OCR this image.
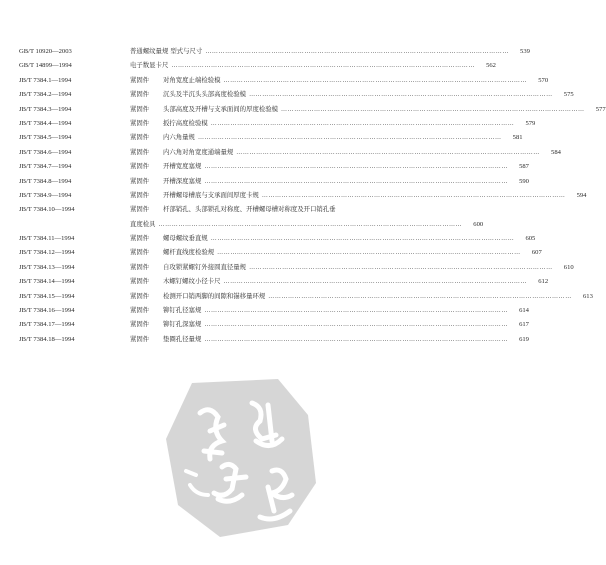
GB/T 10920—2003	普通螺纹量规 型式与尺寸 …………………………………………………………………………………………………………………………	539
GB/T 14899—1994	电子数显卡尺 …………………………………………………………………………………………………………………………	562
JB/T 7384.1—1994	紧固件	对角宽度止端检验模 …………………………………………………………………………………………………………………………	570
JB/T 7384.2—1994	紧固件	沉头及半沉头头部高度检验模 …………………………………………………………………………………………………………………………	575
JB/T 7384.3—1994	紧固件	头部高度及开槽与支承面间的厚度检验模 …………………………………………………………………………………………………………………………	577
JB/T 7384.4—1994	紧固件	扳拧高度检验模 …………………………………………………………………………………………………………………………	579
JB/T 7384.5—1994	紧固件	内六角量规 …………………………………………………………………………………………………………………………	581
JB/T 7384.6—1994	紧固件	内六角对角宽度通端量规 …………………………………………………………………………………………………………………………	584
JB/T 7384.7—1994	紧固件	开槽宽度塞规 …………………………………………………………………………………………………………………………	587
JB/T 7384.8—1994	紧固件	开槽深度塞规 …………………………………………………………………………………………………………………………	590
JB/T 7384.9—1994	紧固件	开槽螺母槽底与支承面间厚度卡规 …………………………………………………………………………………………………………………………	594
JB/T 7384.10—1994	紧固件	杆部销孔、头部锁孔对称度、开槽螺母槽对称度及开口销孔垂
直度检具 …………………………………………………………………………………………………………………………	600
JB/T 7384.11—1994	紧固件	螺母螺纹垂直规 …………………………………………………………………………………………………………………………	605
JB/T 7384.12—1994	紧固件	螺杆直线度检验规 …………………………………………………………………………………………………………………………	607
JB/T 7384.13—1994	紧固件	自攻锁紧螺钉外接圆直径量规 …………………………………………………………………………………………………………………………	610
JB/T 7384.14—1994	紧固件	木螺钉螺纹小径卡尺 …………………………………………………………………………………………………………………………	612
JB/T 7384.15—1994	紧固件	检测开口销两脚的间隙和锚移量环规 …………………………………………………………………………………………………………………………	613
JB/T 7384.16—1994	紧固件	铆钉孔径塞规 …………………………………………………………………………………………………………………………	614
JB/T 7384.17—1994	紧固件	铆钉孔深塞规 …………………………………………………………………………………………………………………………	617
JB/T 7384.18—1994	紧固件	垫圈孔径量规 …………………………………………………………………………………………………………………………	619
